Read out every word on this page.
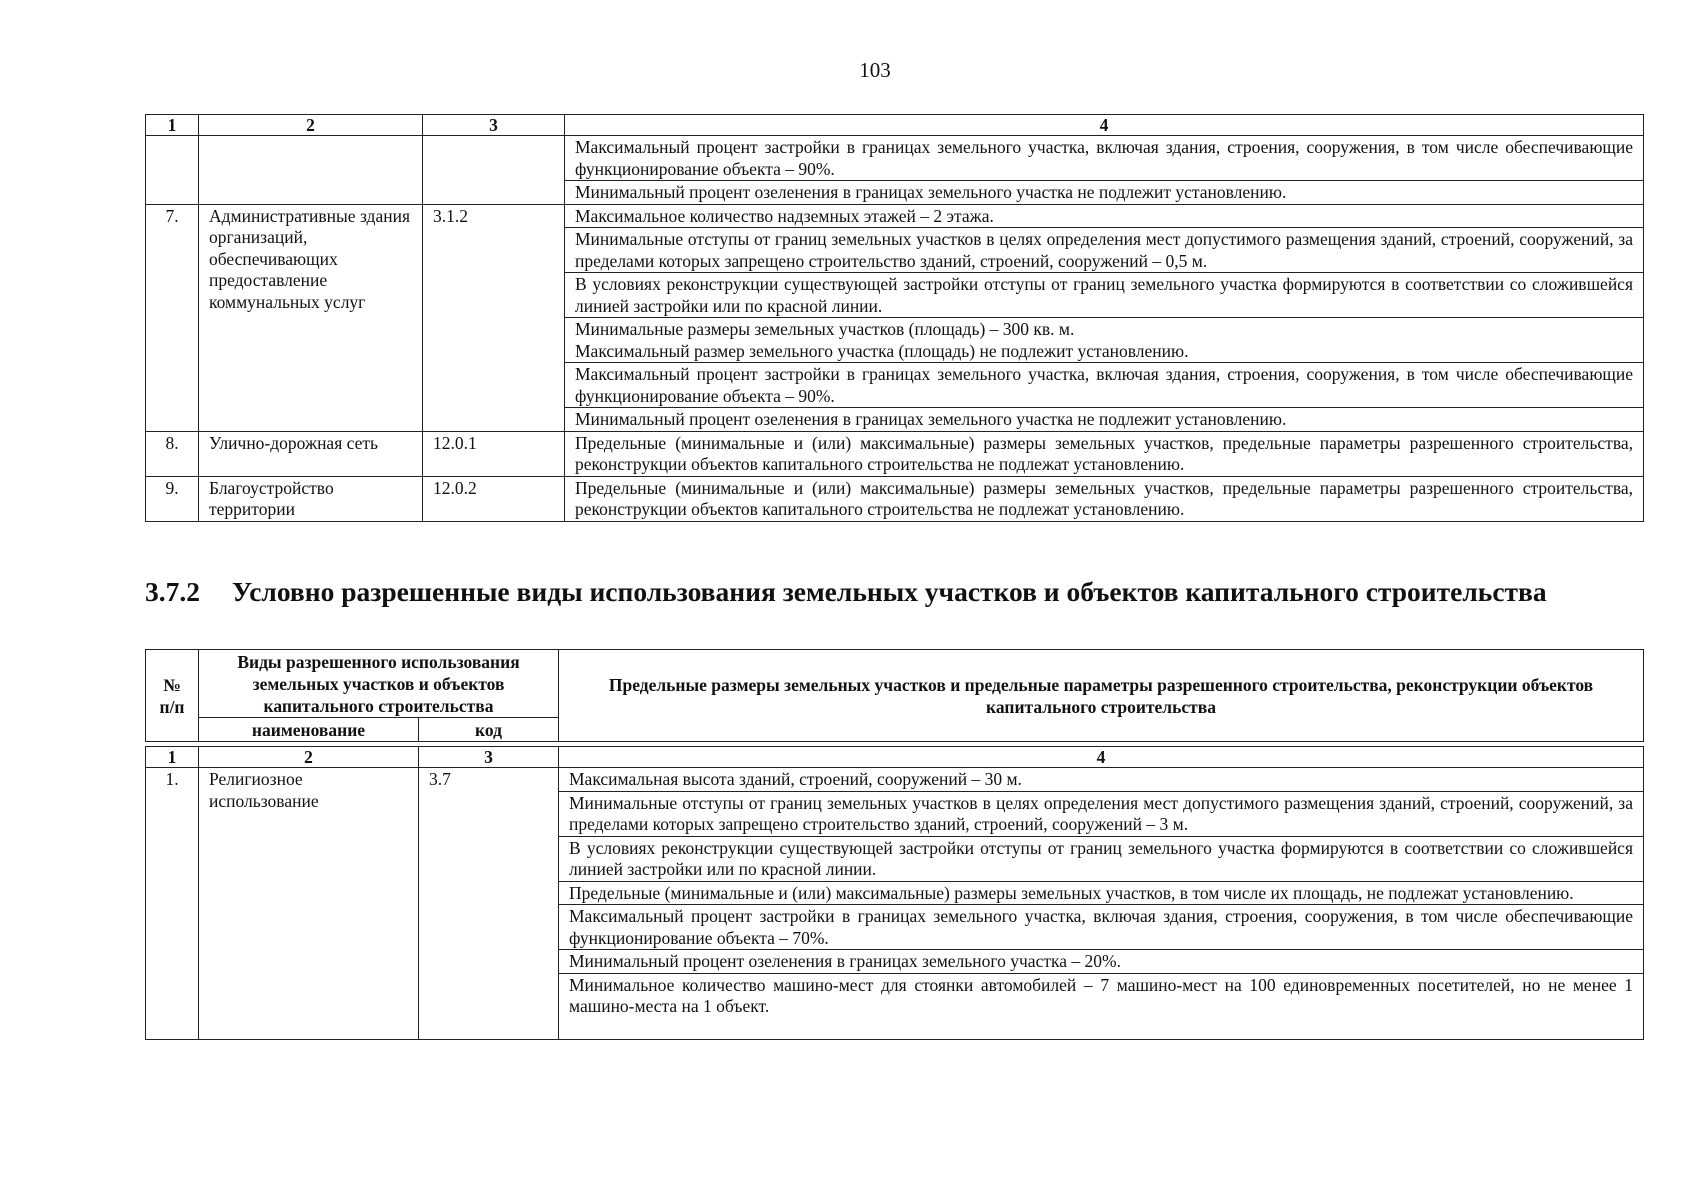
103
1	2	3	4
			Максимальный процент застройки в границах земельного участка, включая здания, строения, сооружения, в том числе обеспечивающие функционирование объекта – 90%.
			Минимальный процент озеленения в границах земельного участка не подлежит установлению.
7.	Административные здания организаций, обеспечивающих предоставление коммунальных услуг	3.1.2	Максимальное количество надземных этажей – 2 этажа.
			Минимальные отступы от границ земельных участков в целях определения мест допустимого размещения зданий, строений, сооружений, за пределами которых запрещено строительство зданий, строений, сооружений – 0,5 м.
			В условиях реконструкции существующей застройки отступы от границ земельного участка формируются в соответствии со сложившейся линией застройки или по красной линии.

			Минимальные размеры земельных участков (площадь) – 300 кв. м.
Максимальный размер земельного участка (площадь) не подлежит установлению.

			Максимальный процент застройки в границах земельного участка, включая здания, строения, сооружения, в том числе обеспечивающие функционирование объекта – 90%.
			Минимальный процент озеленения в границах земельного участка не подлежит установлению.
8.	Улично-дорожная сеть	12.0.1	Предельные (минимальные и (или) максимальные) размеры земельных участков, предельные параметры разрешенного строительства, реконструкции объектов капитального строительства не подлежат установлению.
9.	Благоустройство территории	12.0.2	Предельные (минимальные и (или) максимальные) размеры земельных участков, предельные параметры разрешенного строительства, реконструкции объектов капитального строительства не подлежат установлению.
3.7.2 Условно разрешенные виды использования земельных участков и объектов капитального строительства
№ п/п	Виды разрешенного использования земельных участков и объектов капитального строительства		Предельные размеры земельных участков и предельные параметры разрешенного строительства, реконструкции объектов капитального строительства
	наименование	код	
1	2	3	4
1.	Религиозное использование	3.7	Максимальная высота зданий, строений, сооружений – 30 м.
			Минимальные отступы от границ земельных участков в целях определения мест допустимого размещения зданий, строений, сооружений, за пределами которых запрещено строительство зданий, строений, сооружений – 3 м.
			В условиях реконструкции существующей застройки отступы от границ земельного участка формируются в соответствии со сложившейся линией застройки или по красной линии.
			Предельные (минимальные и (или) максимальные) размеры земельных участков, в том числе их площадь, не подлежат установлению.
			Максимальный процент застройки в границах земельного участка, включая здания, строения, сооружения, в том числе обеспечивающие функционирование объекта – 70%.
			Минимальный процент озеленения в границах земельного участка – 20%.
			Минимальное количество машино-мест для стоянки автомобилей – 7 машино-мест на 100 единовременных посетителей, но не менее 1 машино-места на 1 объект.
